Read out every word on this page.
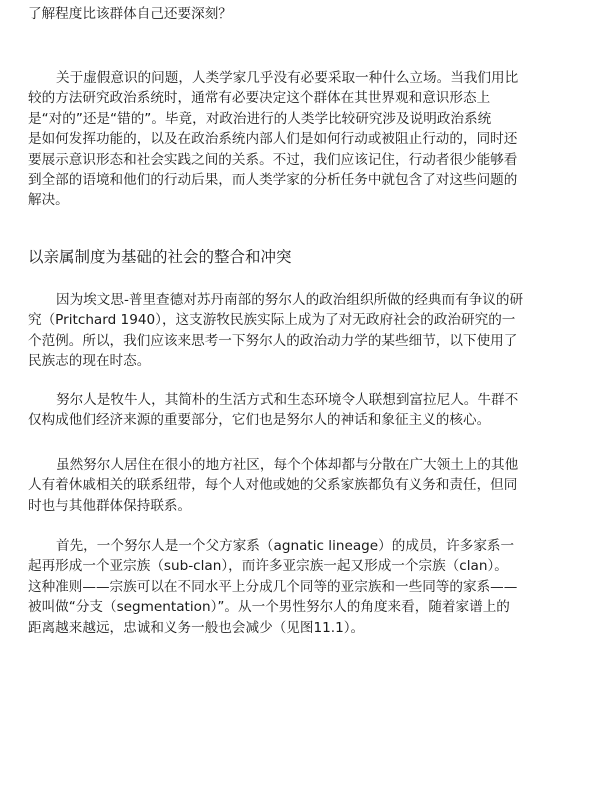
了解程度比该群体自己还要深刻？
关于虚假意识的问题，人类学家几乎没有必要采取一种什么立场。当我们用比
较的方法研究政治系统时，通常有必要决定这个群体在其世界观和意识形态上
是“对的”还是“错的”。毕竟，对政治进行的人类学比较研究涉及说明政治系统
是如何发挥功能的，以及在政治系统内部人们是如何行动或被阻止行动的，同时还
要展示意识形态和社会实践之间的关系。不过，我们应该记住，行动者很少能够看
到全部的语境和他们的行动后果，而人类学家的分析任务中就包含了对这些问题的
解决。
以亲属制度为基础的社会的整合和冲突
因为埃文思-普里查德对苏丹南部的努尔人的政治组织所做的经典而有争议的研
究（Pritchard 1940），这支游牧民族实际上成为了对无政府社会的政治研究的一
个范例。所以，我们应该来思考一下努尔人的政治动力学的某些细节，以下使用了
民族志的现在时态。
努尔人是牧牛人，其简朴的生活方式和生态环境令人联想到富拉尼人。牛群不
仅构成他们经济来源的重要部分，它们也是努尔人的神话和象征主义的核心。
虽然努尔人居住在很小的地方社区，每个个体却都与分散在广大领土上的其他
人有着休戚相关的联系纽带，每个人对他或她的父系家族都负有义务和责任，但同
时也与其他群体保持联系。
首先，一个努尔人是一个父方家系（agnatic lineage）的成员，许多家系一
起再形成一个亚宗族（sub-clan），而许多亚宗族一起又形成一个宗族（clan）。
这种准则——宗族可以在不同水平上分成几个同等的亚宗族和一些同等的家系——
被叫做“分支（segmentation）”。从一个男性努尔人的角度来看，随着家谱上的
距离越来越远，忠诚和义务一般也会减少（见图11.1）。
